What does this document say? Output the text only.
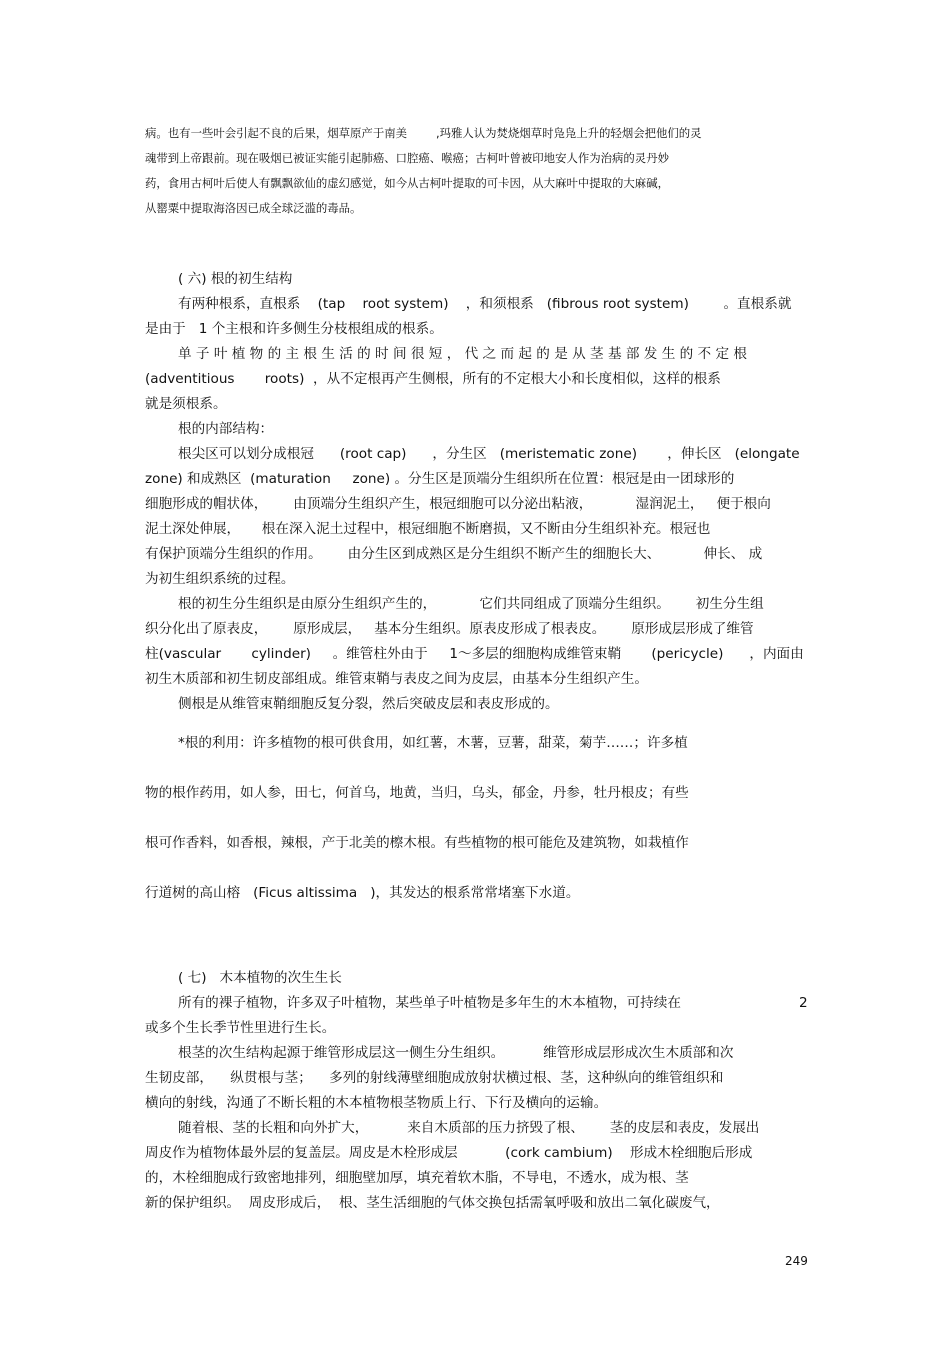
病。也有一些叶会引起不良的后果，烟草原产于南美        ,玛雅人认为焚烧烟草时凫凫上升的轻烟会把他们的灵
魂带到上帝跟前。现在吸烟已被证实能引起肺癌、口腔癌、喉癌；古柯叶曾被印地安人作为治病的灵丹妙
药，食用古柯叶后使人有飘飘欲仙的虚幻感觉，如今从古柯叶提取的可卡因，从大麻叶中提取的大麻碱，
从罂粟中提取海洛因已成全球泛滥的毒品。
( 六) 根的初生结构
有两种根系，直根系    (tap    root system)    ，和须根系   (fibrous root system)        。直根系就
是由于   1 个主根和许多侧生分枝根组成的根系。
单 子 叶 植 物 的 主 根 生 活 的 时 间 很 短 ， 代 之 而 起 的 是 从 茎 基 部 发 生 的 不 定 根
(adventitious       roots)  ，从不定根再产生侧根，所有的不定根大小和长度相似，这样的根系
就是须根系。
根的内部结构：
根尖区可以划分成根冠      (root cap)      ，分生区   (meristematic zone)       ，伸长区   (elongate
zone) 和成熟区  (maturation     zone) 。分生区是顶端分生组织所在位置：根冠是由一团球形的
细胞形成的帽状体，      由顶端分生组织产生，根冠细胞可以分泌出粘液，          湿润泥土，   便于根向
泥土深处伸展，     根在深入泥土过程中，根冠细胞不断磨损，又不断由分生组织补充。根冠也
有保护顶端分生组织的作用。      由分生区到成熟区是分生组织不断产生的细胞长大、          伸长、 成
为初生组织系统的过程。
根的初生分生组织是由原分生组织产生的，          它们共同组成了顶端分生组织。      初生分生组
织分化出了原表皮，      原形成层，   基本分生组织。原表皮形成了根表皮。      原形成层形成了维管
柱(vascular       cylinder)     。维管柱外由于     1～多层的细胞构成维管束鞘       (pericycle)      ，内面由
初生木质部和初生韧皮部组成。维管束鞘与表皮之间为皮层，由基本分生组织产生。
侧根是从维管束鞘细胞反复分裂，然后突破皮层和表皮形成的。
*根的利用：许多植物的根可供食用，如红薯，木薯，豆薯，甜菜，菊芋……；许多植
物的根作药用，如人参，田七，何首乌，地黄，当归，乌头，郁金，丹参，牡丹根皮；有些
根可作香料，如香根，辣根，产于北美的檫木根。有些植物的根可能危及建筑物，如栽植作
行道树的高山榕   (Ficus altissima   )，其发达的根系常常堵塞下水道。
( 七)   木本植物的次生生长
所有的裸子植物，许多双子叶植物，某些单子叶植物是多年生的木本植物，可持续在	2
或多个生长季节性里进行生长。
根茎的次生结构起源于维管形成层这一侧生分生组织。         维管形成层形成次生木质部和次
生韧皮部，    纵贯根与茎；    多列的射线薄壁细胞成放射状横过根、茎，这种纵向的维管组织和
横向的射线，沟通了不断长粗的木本植物根茎物质上行、下行及横向的运输。
随着根、茎的长粗和向外扩大，         来自木质部的压力挤毁了根、      茎的皮层和表皮，发展出
周皮作为植物体最外层的复盖层。周皮是木栓形成层           (cork cambium)    形成木栓细胞后形成
的，木栓细胞成行致密地排列，细胞壁加厚，填充着软木脂，不导电，不透水，成为根、茎
新的保护组织。  周皮形成后，  根、茎生活细胞的气体交换包括需氧呼吸和放出二氧化碳废气，
249
